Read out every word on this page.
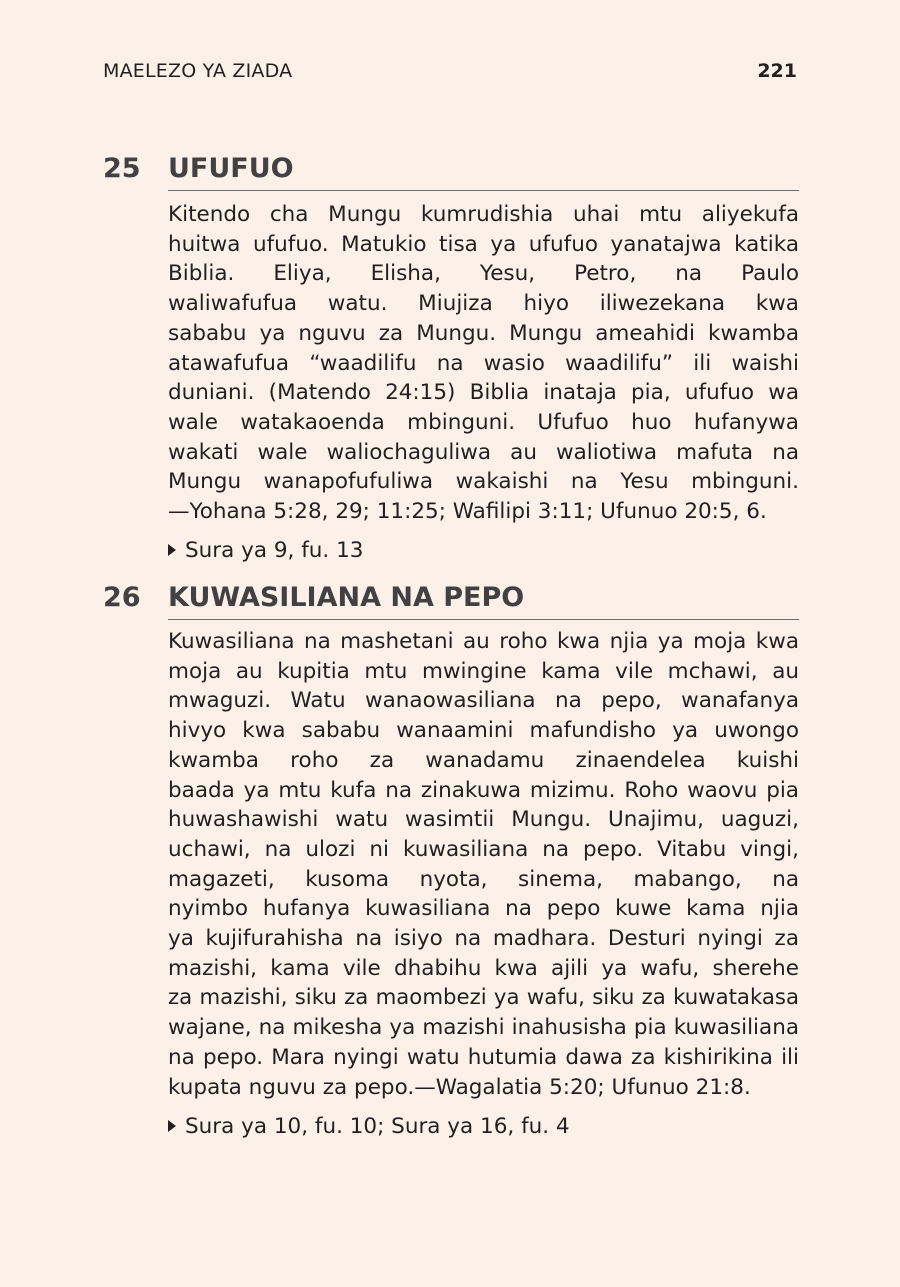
MAELEZO YA ZIADA	221
25 UFUFUO
Kitendo cha Mungu kumrudishia uhai mtu aliyekufa
huitwa ufufuo. Matukio tisa ya ufufuo yanatajwa katika
Biblia. Eliya, Elisha, Yesu, Petro, na Paulo
waliwafufua watu. Miujiza hiyo iliwezekana kwa
sababu ya nguvu za Mungu. Mungu ameahidi kwamba
atawafufua “waadilifu na wasio waadilifu” ili waishi
duniani. (Matendo 24:15) Biblia inataja pia, ufufuo wa
wale watakaoenda mbinguni. Ufufuo huo hufanywa
wakati wale waliochaguliwa au waliotiwa mafuta na
Mungu wanapofufuliwa wakaishi na Yesu mbinguni.
—Yohana 5:28, 29; 11:25; Wafilipi 3:11; Ufunuo 20:5, 6.
Sura ya 9, fu. 13
26 KUWASILIANA NA PEPO
Kuwasiliana na mashetani au roho kwa njia ya moja kwa
moja au kupitia mtu mwingine kama vile mchawi, au
mwaguzi. Watu wanaowasiliana na pepo, wanafanya
hivyo kwa sababu wanaamini mafundisho ya uwongo
kwamba roho za wanadamu zinaendelea kuishi
baada ya mtu kufa na zinakuwa mizimu. Roho waovu pia
huwashawishi watu wasimtii Mungu. Unajimu, uaguzi,
uchawi, na ulozi ni kuwasiliana na pepo. Vitabu vingi,
magazeti, kusoma nyota, sinema, mabango, na
nyimbo hufanya kuwasiliana na pepo kuwe kama njia
ya kujifurahisha na isiyo na madhara. Desturi nyingi za
mazishi, kama vile dhabihu kwa ajili ya wafu, sherehe
za mazishi, siku za maombezi ya wafu, siku za kuwatakasa
wajane, na mikesha ya mazishi inahusisha pia kuwasiliana
na pepo. Mara nyingi watu hutumia dawa za kishirikina ili
kupata nguvu za pepo.—Wagalatia 5:20; Ufunuo 21:8.
Sura ya 10, fu. 10; Sura ya 16, fu. 4
